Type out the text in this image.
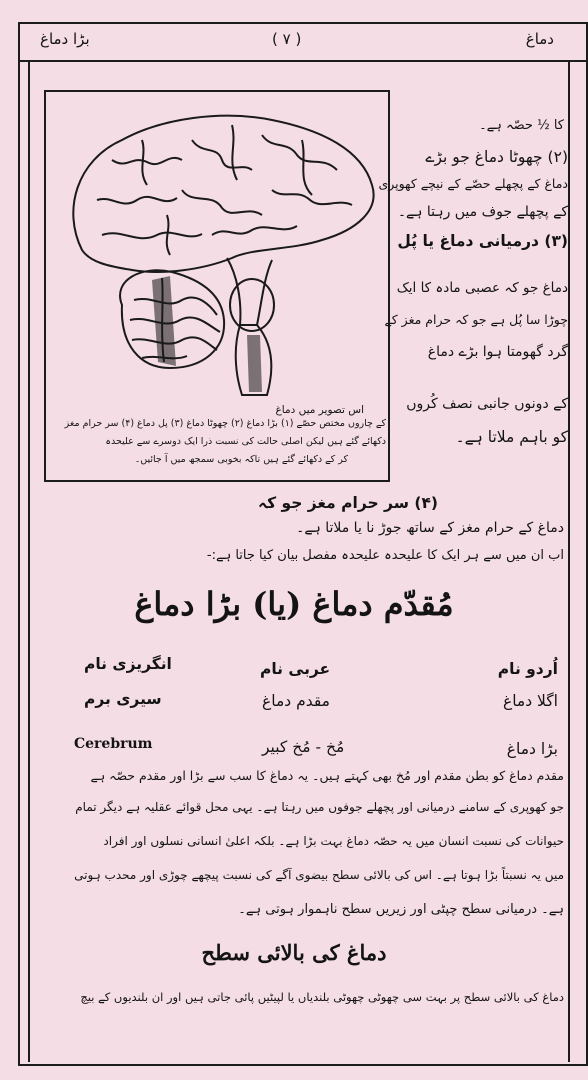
بڑا دماغ	( ۷ )	دماغ
کا ½ حصّہ ہے۔
(۲) چھوٹا دماغ جو بڑے
دماغ کے پچھلے حصّے کے نیچے کھوپری
کے پچھلے جوف میں رہتا ہے۔
(۳) درمیانی دماغ یا پُل
دماغ جو کہ عصبی مادہ کا ایک
چوڑا سا پُل ہے جو کہ حرام مغز کے
گرد گھومتا ہوا بڑے دماغ
کے دونوں جانبی نصف کُروں
کو باہم ملاتا ہے۔
اس تصویر میں دماغ
کے چاروں مختص حصّے (۱) بڑا دماغ (۲) چھوٹا دماغ (۳) پل دماغ (۴) سر حرام مغز
دکھائے گئے ہیں لیکن اصلی حالت کی نسبت ذرا ایک دوسرے سے علیحدہ
کر کے دکھائے گئے ہیں تاکہ بخوبی سمجھ میں آ جائیں۔
(۴) سر حرام مغز جو کہ
دماغ کے حرام مغز کے ساتھ جوڑ نا یا ملاتا ہے۔
اب ان میں سے ہر ایک کا علیحدہ علیحدہ مفصل بیان کیا جاتا ہے:-
مُقدّم دماغ (یا) بڑا دماغ
اُردو نام
عربی نام
انگریزی نام
اگلا دماغ
مقدم دماغ
سیری برم
بڑا دماغ
مُخ - مُخ کبیر
Cerebrum
مقدم دماغ کو بطن مقدم اور مُخ بھی کہتے ہیں۔ یہ دماغ کا سب سے بڑا اور مقدم حصّہ ہے
جو کھوپری کے سامنے درمیانی اور پچھلے جوفوں میں رہتا ہے۔ یہی محل قوائے عقلیہ ہے دیگر تمام
حیوانات کی نسبت انسان میں یہ حصّہ دماغ بہت بڑا ہے۔ بلکہ اعلیٰ انسانی نسلوں اور افراد
میں یہ نسبتاً بڑا ہوتا ہے۔ اس کی بالائی سطح بیضوی آگے کی نسبت پیچھے چوڑی اور محدب ہوتی
ہے۔ درمیانی سطح چپٹی اور زیریں سطح ناہموار ہوتی ہے۔
دماغ کی بالائی سطح
دماغ کی بالائی سطح پر بہت سی چھوٹی چھوٹی بلندیاں یا لپیٹیں پائی جاتی ہیں اور ان بلندیوں کے بیچ
